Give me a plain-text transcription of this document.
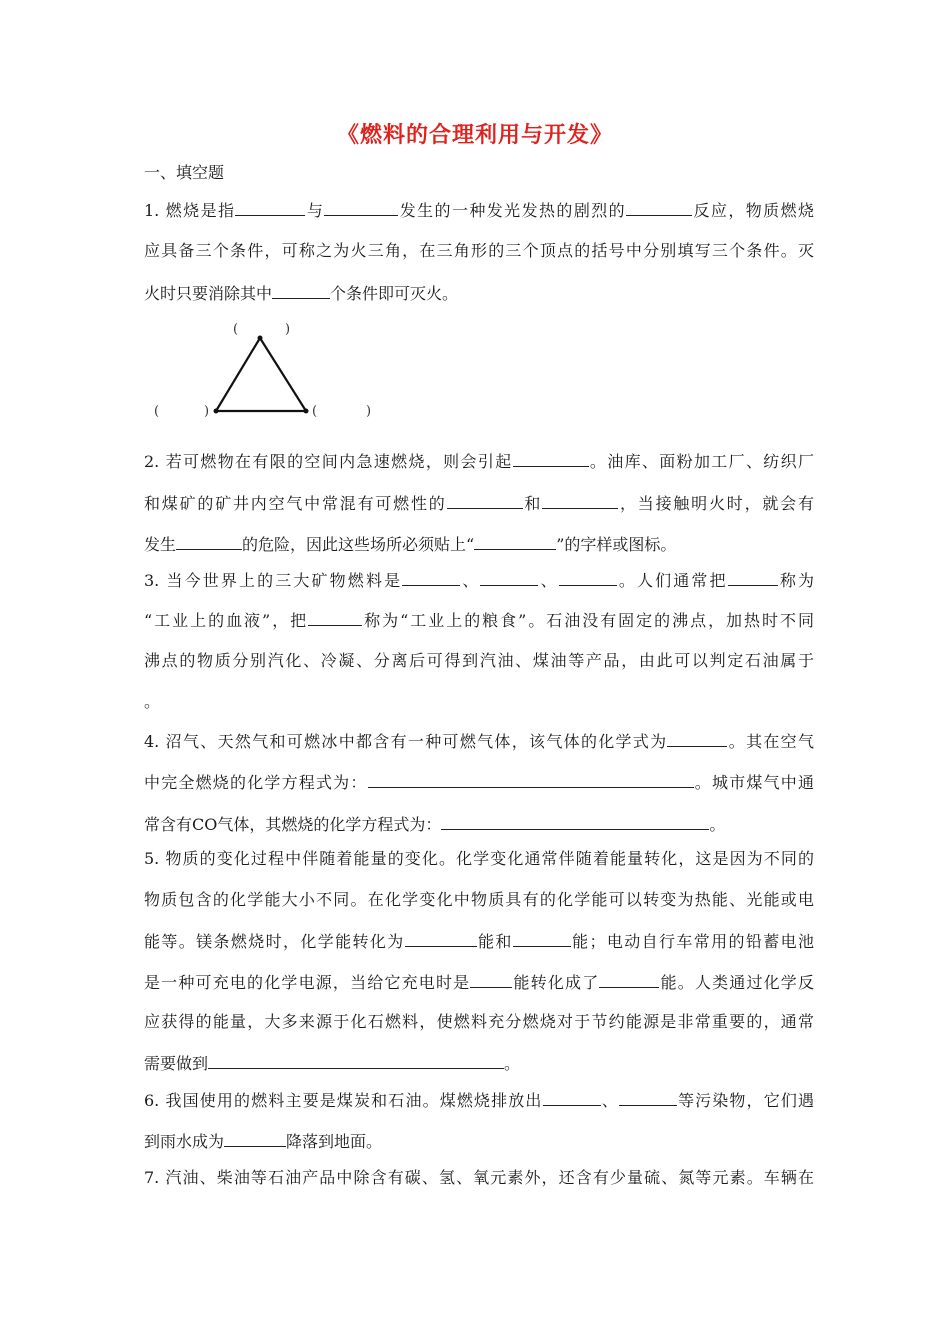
《燃料的合理利用与开发》
一、填空题
1. 燃烧是指	与	发生的一种发光发热的剧烈的	反应，物质燃烧
应具备三个条件，可称之为火三角，在三角形的三个顶点的括号中分别填写三个条件。灭
火时只要消除其中	个条件即可灭火。
(	)
(	)	(	)
2. 若可燃物在有限的空间内急速燃烧，则会引起	。油库、面粉加工厂、纺织厂
和煤矿的矿井内空气中常混有可燃性的	和	，当接触明火时，就会有
发生	的危险，因此这些场所必须贴上“	”的字样或图标。
3. 当今世界上的三大矿物燃料是	、	、	。人们通常把	称为
“工业上的血液”，把	称为“工业上的粮食”。石油没有固定的沸点，加热时不同
沸点的物质分别汽化、冷凝、分离后可得到汽油、煤油等产品，由此可以判定石油属于
。
4. 沼气、天然气和可燃冰中都含有一种可燃气体，该气体的化学式为	。其在空气
中完全燃烧的化学方程式为：	。城市煤气中通
常含有CO气体，其燃烧的化学方程式为：	。
5. 物质的变化过程中伴随着能量的变化。化学变化通常伴随着能量转化，这是因为不同的
物质包含的化学能大小不同。在化学变化中物质具有的化学能可以转变为热能、光能或电
能等。镁条燃烧时，化学能转化为	能和	能；电动自行车常用的铅蓄电池
是一种可充电的化学电源，当给它充电时是	能转化成了	能。人类通过化学反
应获得的能量，大多来源于化石燃料，使燃料充分燃烧对于节约能源是非常重要的，通常
需要做到	。
6. 我国使用的燃料主要是煤炭和石油。煤燃烧排放出	、	等污染物，它们遇
到雨水成为	降落到地面。
7. 汽油、柴油等石油产品中除含有碳、氢、氧元素外，还含有少量硫、氮等元素。车辆在
